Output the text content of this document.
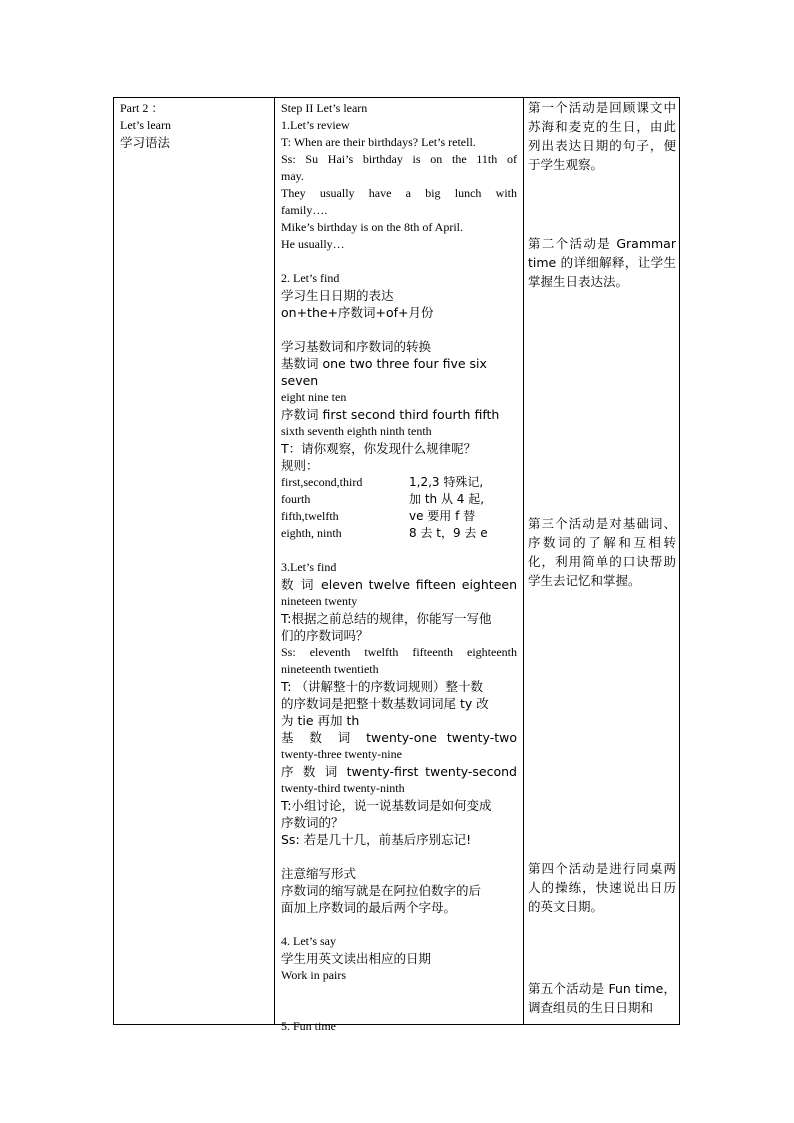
Part 2 ：

Let’s learn

学习语法

Step II Let’s learn

1.Let’s review

T: When are their birthdays? Let’s retell.

Ss: Su Hai’s birthday is on the 11th of

may.

They usually have a big lunch with

family….

Mike’s birthday is on the 8th of April.

He usually…

2. Let’s find

学习生日日期的表达

on+the+序数词+of+月份

学习基数词和序数词的转换

基数词 one two three four five six seven

eight nine ten

序数词 first second third fourth fifth

sixth seventh eighth ninth tenth

T：请你观察，你发现什么规律呢？

规则：

first,second,third	1,2,3 特殊记,
fourth	加 th 从 4 起,
fifth,twelfth	ve 要用 f 替
eighth, ninth	8 去 t，9 去 e

3.Let’s find

数 词 eleven twelve fifteen eighteen

nineteen twenty

T:根据之前总结的规律，你能写一写他

们的序数词吗？

Ss: eleventh twelfth fifteenth eighteenth

nineteenth twentieth

T: （讲解整十的序数词规则）整十数

的序数词是把整十数基数词词尾 ty 改

为 tie 再加 th

基 数 词 twenty-one twenty-two

twenty-three twenty-nine

序 数 词 twenty-first twenty-second

twenty-third twenty-ninth

T:小组讨论，说一说基数词是如何变成

序数词的？

Ss: 若是几十几，前基后序别忘记!

注意缩写形式

序数词的缩写就是在阿拉伯数字的后

面加上序数词的最后两个字母。

4. Let’s say

学生用英文读出相应的日期

Work in pairs

5. Fun time

第一个活动是回顾课文中苏海和麦克的生日，由此列出表达日期的句子，便于学生观察。

第二个活动是 Grammar time 的详细解释，让学生掌握生日表达法。

第三个活动是对基础词、序数词的了解和互相转化，利用简单的口诀帮助学生去记忆和掌握。

第四个活动是进行同桌两人的操练，快速说出日历的英文日期。

第五个活动是 Fun time，调查组员的生日日期和
